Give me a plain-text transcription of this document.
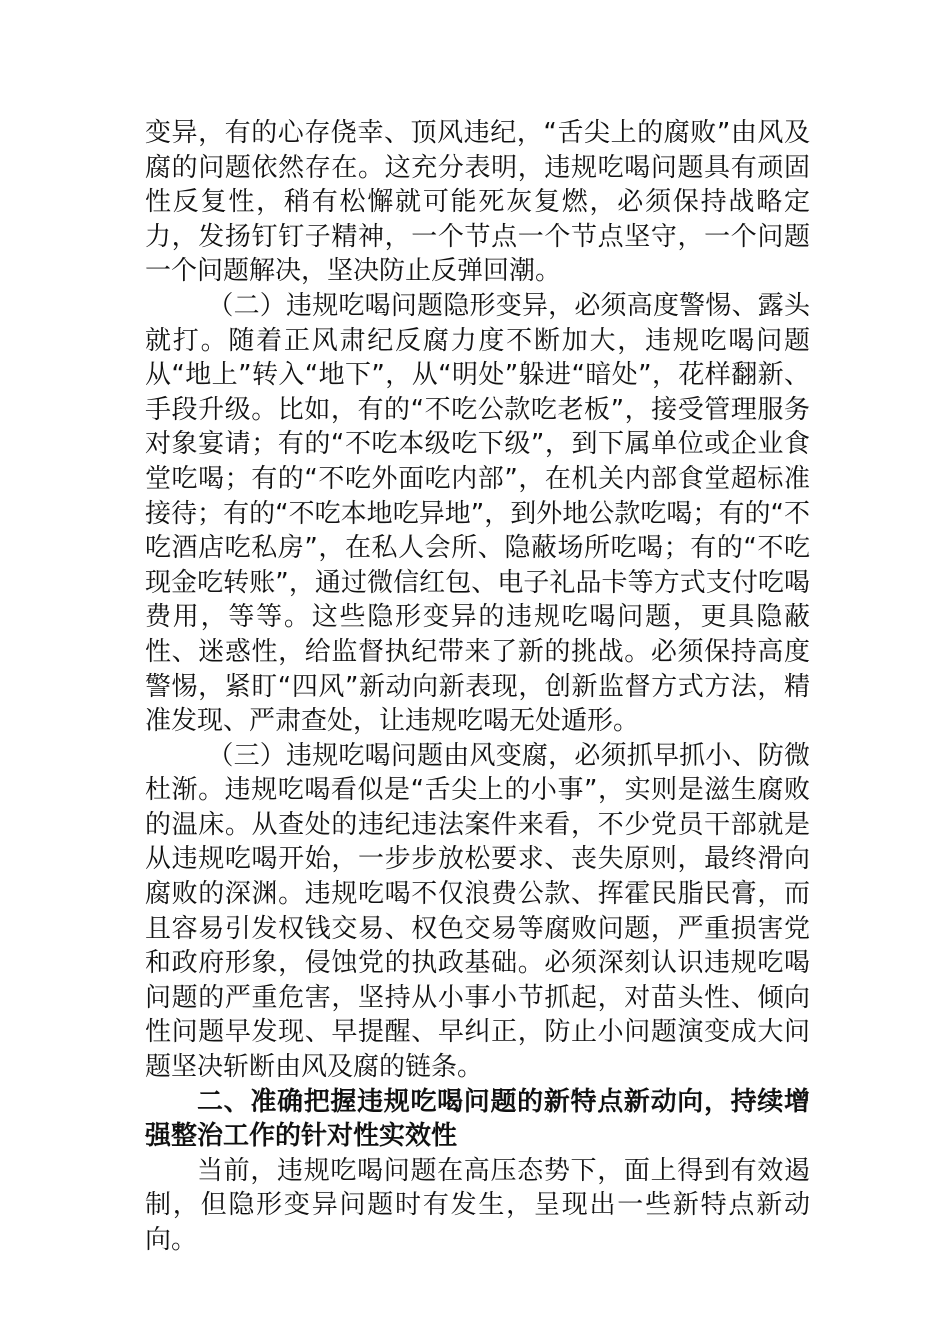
变异，有的心存侥幸、顶风违纪，“舌尖上的腐败”由风及腐的问题依然存在。这充分表明，违规吃喝问题具有顽固性反复性，稍有松懈就可能死灰复燃，必须保持战略定力，发扬钉钉子精神，一个节点一个节点坚守，一个问题一个问题解决，坚决防止反弹回潮。

（二）违规吃喝问题隐形变异，必须高度警惕、露头就打。随着正风肃纪反腐力度不断加大，违规吃喝问题从“地上”转入“地下”，从“明处”躲进“暗处”，花样翻新、手段升级。比如，有的“不吃公款吃老板”，接受管理服务对象宴请；有的“不吃本级吃下级”，到下属单位或企业食堂吃喝；有的“不吃外面吃内部”，在机关内部食堂超标准接待；有的“不吃本地吃异地”，到外地公款吃喝；有的“不吃酒店吃私房”，在私人会所、隐蔽场所吃喝；有的“不吃现金吃转账”，通过微信红包、电子礼品卡等方式支付吃喝费用，等等。这些隐形变异的违规吃喝问题，更具隐蔽性、迷惑性，给监督执纪带来了新的挑战。必须保持高度警惕，紧盯“四风”新动向新表现，创新监督方式方法，精准发现、严肃查处，让违规吃喝无处遁形。

（三）违规吃喝问题由风变腐，必须抓早抓小、防微杜渐。违规吃喝看似是“舌尖上的小事”，实则是滋生腐败的温床。从查处的违纪违法案件来看，不少党员干部就是从违规吃喝开始，一步步放松要求、丧失原则，最终滑向腐败的深渊。违规吃喝不仅浪费公款、挥霍民脂民膏，而且容易引发权钱交易、权色交易等腐败问题，严重损害党和政府形象，侵蚀党的执政基础。必须深刻认识违规吃喝问题的严重危害，坚持从小事小节抓起，对苗头性、倾向性问题早发现、早提醒、早纠正，防止小问题演变成大问题坚决斩断由风及腐的链条。

二、准确把握违规吃喝问题的新特点新动向，持续增强整治工作的针对性实效性

当前，违规吃喝问题在高压态势下，面上得到有效遏制，但隐形变异问题时有发生，呈现出一些新特点新动向。
